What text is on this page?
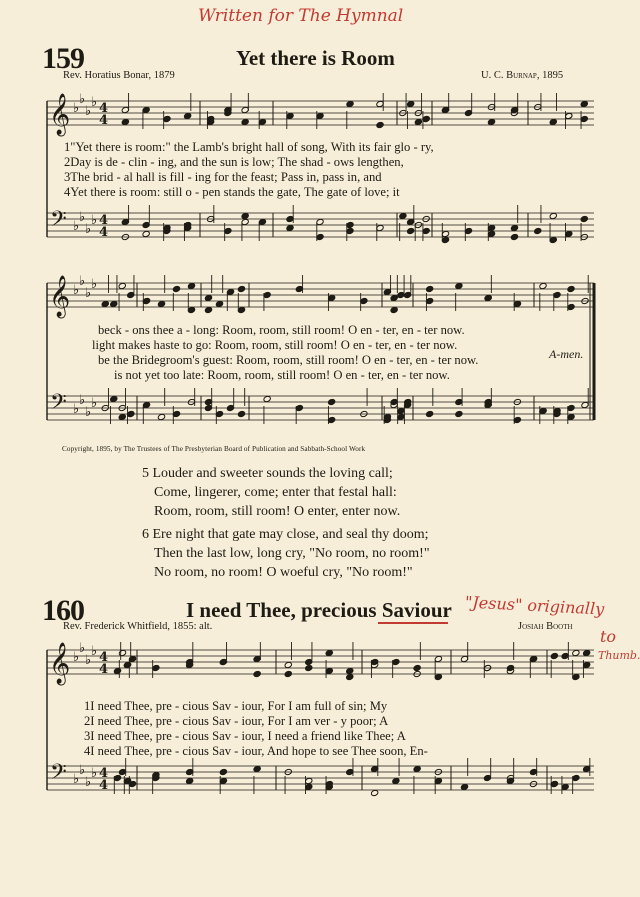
Written for The Hymnal
159	Yet there is Room
Rev. Horatius Bonar, 1879	U. C. Burnap, 1895
𝄞
𝄢
♭
♭
♭
♭
♭
♭
♭
♭
4
4
4
4
𝄞
𝄢
♭
♭
♭
♭
♭
♭
♭
♭
𝄞
𝄢
♭
♭
♭
♭
♭
♭
♭
♭
4
4
4
4
1"Yet there is room:" the Lamb's bright hall of song, With its fair glo - ry,
2Day is de - clin - ing, and the sun is low; The shad - ows lengthen,
3The brid - al hall is fill - ing for the feast; Pass in, pass in, and
4Yet there is room: still o - pen stands the gate, The gate of love; it
beck - ons thee a - long: Room, room, still room! O en - ter, en - ter now.
light makes haste to go: Room, room, still room! O en - ter, en - ter now.
be the Bridegroom's guest: Room, room, still room! O en - ter, en - ter now.
is not yet too late: Room, room, still room! O en - ter, en - ter now.
A-men.
Copyright, 1895, by The Trustees of The Presbyterian Board of Publication and Sabbath-School Work
5 Louder and sweeter sounds the loving call;
Come, lingerer, come; enter that festal hall:
Room, room, still room! O enter, enter now.
6 Ere night that gate may close, and seal thy doom;
Then the last low, long cry, "No room, no room!"
No room, no room! O woeful cry, "No room!"
160	I need Thee, precious Saviour "Jesus" originally
to
Thumb.
Rev. Frederick Whitfield, 1855: alt.	Josiah Booth
1I need Thee, pre - cious Sav - iour, For I am full of sin; My
2I need Thee, pre - cious Sav - iour, For I am ver - y poor; A
3I need Thee, pre - cious Sav - iour, I need a friend like Thee; A
4I need Thee, pre - cious Sav - iour, And hope to see Thee soon, En-
